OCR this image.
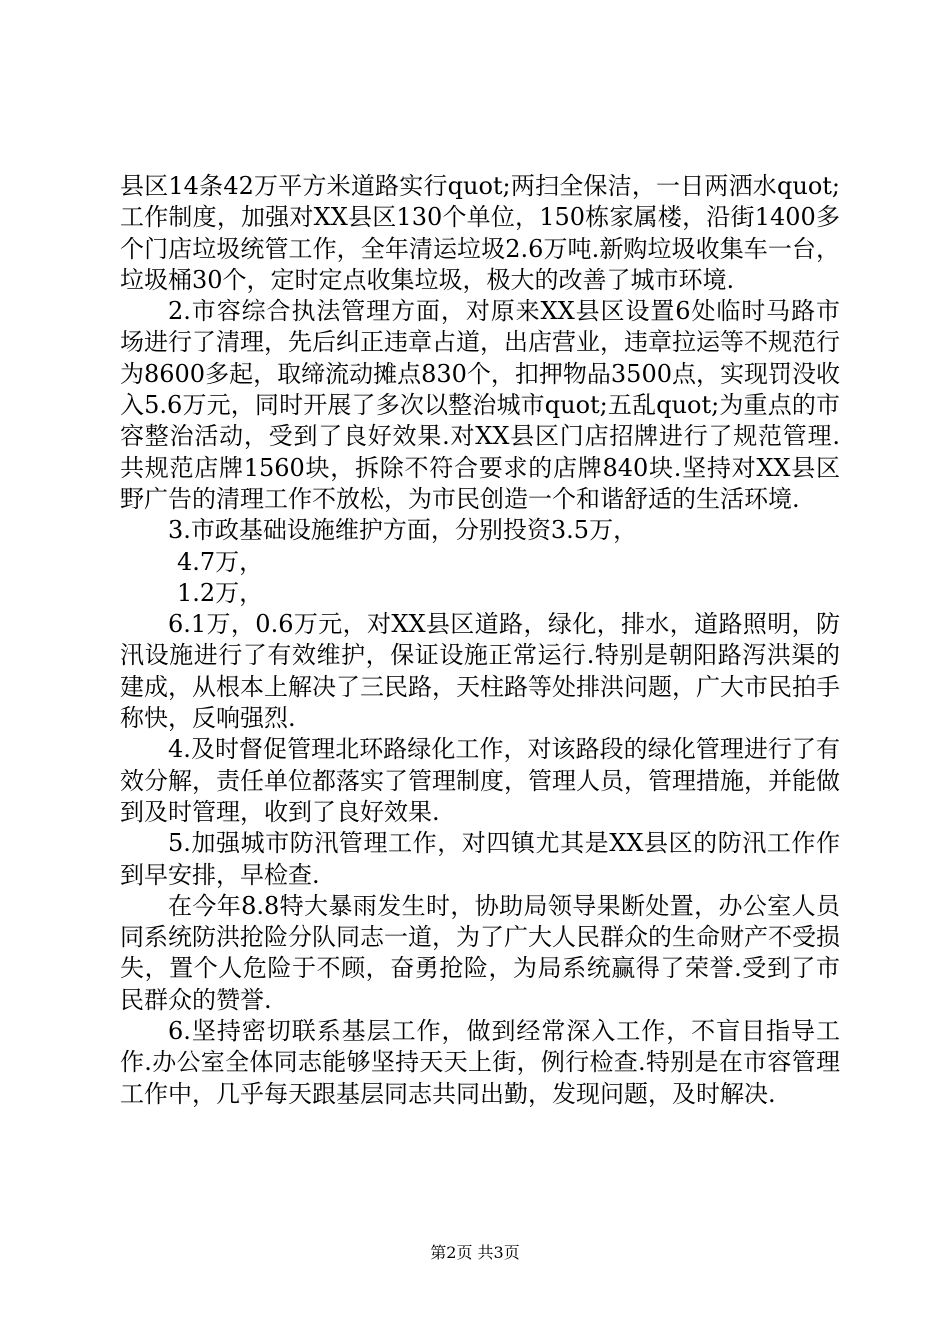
县区14条42万平方米道路实行quot;两扫全保洁，一日两洒水quot;工作制度，加强对XX县区130个单位，150栋家属楼，沿街1400多个门店垃圾统管工作，全年清运垃圾2.6万吨.新购垃圾收集车一台，垃圾桶30个，定时定点收集垃圾，极大的改善了城市环境.

2.市容综合执法管理方面，对原来XX县区设置6处临时马路市场进行了清理，先后纠正违章占道，出店营业，违章拉运等不规范行为8600多起，取缔流动摊点830个，扣押物品3500点，实现罚没收入5.6万元，同时开展了多次以整治城市quot;五乱quot;为重点的市容整治活动，受到了良好效果.对XX县区门店招牌进行了规范管理.共规范店牌1560块，拆除不符合要求的店牌840块.坚持对XX县区野广告的清理工作不放松，为市民创造一个和谐舒适的生活环境.

3.市政基础设施维护方面，分别投资3.5万，

4.7万，

1.2万，

6.1万，0.6万元，对XX县区道路，绿化，排水，道路照明，防汛设施进行了有效维护，保证设施正常运行.特别是朝阳路泻洪渠的建成，从根本上解决了三民路，天柱路等处排洪问题，广大市民拍手称快，反响强烈.

4.及时督促管理北环路绿化工作，对该路段的绿化管理进行了有效分解，责任单位都落实了管理制度，管理人员，管理措施，并能做到及时管理，收到了良好效果.

5.加强城市防汛管理工作，对四镇尤其是XX县区的防汛工作作到早安排，早检查.

在今年8.8特大暴雨发生时，协助局领导果断处置，办公室人员同系统防洪抢险分队同志一道，为了广大人民群众的生命财产不受损失，置个人危险于不顾，奋勇抢险，为局系统赢得了荣誉.受到了市民群众的赞誉.

6.坚持密切联系基层工作，做到经常深入工作，不盲目指导工作.办公室全体同志能够坚持天天上街，例行检查.特别是在市容管理工作中，几乎每天跟基层同志共同出勤，发现问题，及时解决.

第2页 共3页
